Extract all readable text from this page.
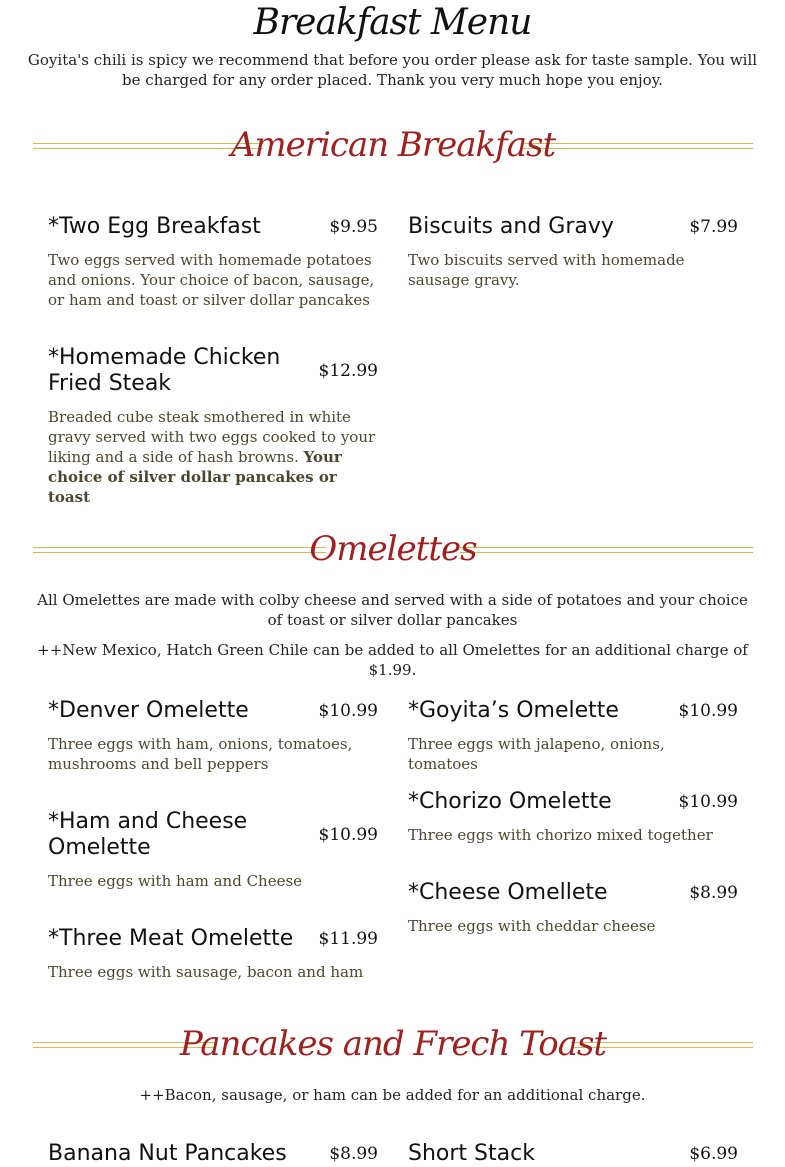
Breakfast Menu
Goyita's chili is spicy we recommend that before you order please ask for taste sample. You will be charged for any order placed. Thank you very much hope you enjoy.
American Breakfast
*Two Egg Breakfast	$9.95
Two eggs served with homemade potatoes and onions. Your choice of bacon, sausage, or ham and toast or silver dollar pancakes
Biscuits and Gravy	$7.99
Two biscuits served with homemade sausage gravy.
*Homemade Chicken Fried Steak	$12.99
Breaded cube steak smothered in white gravy served with two eggs cooked to your liking and a side of hash browns. Your choice of silver dollar pancakes or toast
Omelettes
All Omelettes are made with colby cheese and served with a side of potatoes and your choice of toast or silver dollar pancakes
++New Mexico, Hatch Green Chile can be added to all Omelettes for an additional charge of $1.99.
*Denver Omelette	$10.99
Three eggs with ham, onions, tomatoes, mushrooms and bell peppers
*Goyita’s Omelette	$10.99
Three eggs with jalapeno, onions, tomatoes
*Chorizo Omelette	$10.99
Three eggs with chorizo mixed together
*Ham and Cheese Omelette	$10.99
Three eggs with ham and Cheese	*Cheese Omellete	$8.99
Three eggs with cheddar cheese
*Three Meat Omelette $11.99
Three eggs with sausage, bacon and ham
Pancakes and Frech Toast
++Bacon, sausage, or ham can be added for an additional charge.
Banana Nut Pancakes	$8.99 Short Stack	$6.99
